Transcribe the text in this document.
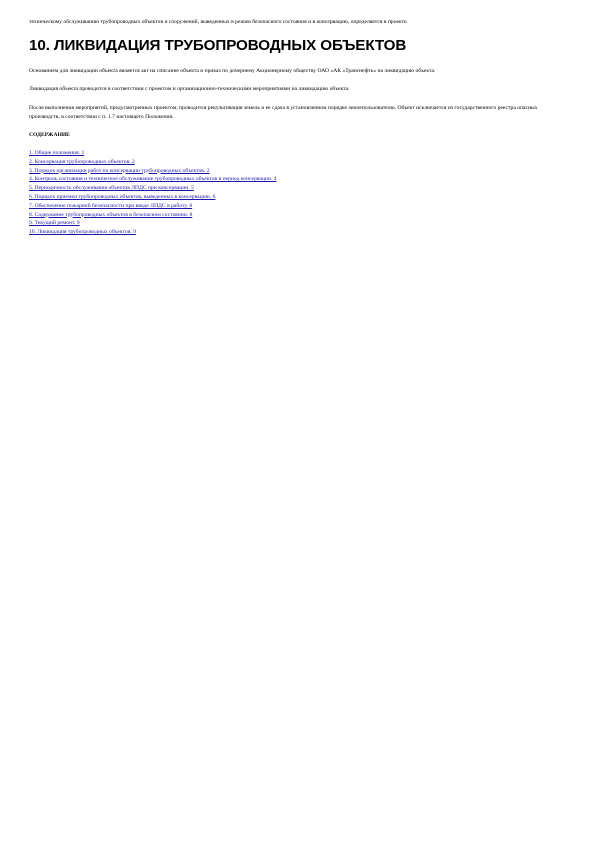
техническому обслуживанию трубопроводных объектов и сооружений, выведенных в режим безопасного состояния и в консервацию, определяется в проекте.

10. ЛИКВИДАЦИЯ ТРУБОПРОВОДНЫХ ОБЪЕКТОВ

Основанием для ликвидации объекта является акт на списание объекта и приказ по дочернему Акционерному обществу ОАО «АК «Транснефть» на ликвидацию объекта.

Ликвидация объекта проводится в соответствии с проектом и организационно-техническими мероприятиями на ликвидацию объекта.

После выполнения мероприятий, предусмотренных проектом, проводится рекультивация земель и ее сдача в установленном порядке землепользователю. Объект исключается из государственного реестра опасных производств, в соответствии с п. 1.7 настоящего Положения.

СОДЕРЖАНИЕ
1. Общие положения. 1
2. Консервация трубопроводных объектов. 2
3. Порядок организации работ по консервации трубопроводных объектов. 2
4. Контроль состояния и техническое обслуживание трубопроводных объектов в период консервации. 4
5. Периодичность обслуживания объектов ЛПДС при консервации. 5
6. Порядок приемки трубопроводных объектов, выведенных в консервацию. 6
7. Обеспечение пожарной безопасности при вводе ЛПДС в работу. 8
8. Содержание трубопроводных объектов в безопасном состоянии. 8
9. Текущий ремонт. 9
10. Ликвидация трубопроводных объектов. 9
